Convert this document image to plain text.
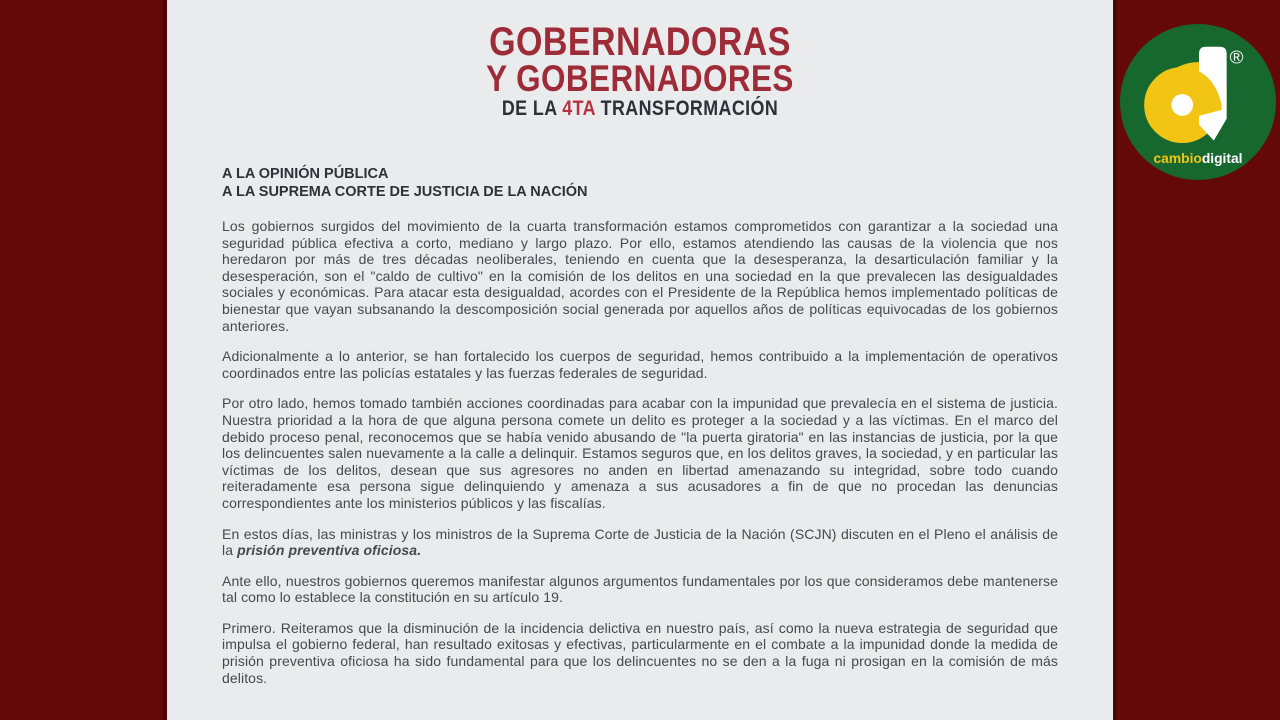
GOBERNADORAS
Y GOBERNADORES
DE LA 4TA TRANSFORMACIÓN
A LA OPINIÓN PÚBLICA
A LA SUPREMA CORTE DE JUSTICIA DE LA NACIÓN

Los gobiernos surgidos del movimiento de la cuarta transformación estamos comprometidos con garantizar a la sociedad una seguridad pública efectiva a corto, mediano y largo plazo. Por ello, estamos atendiendo las causas de la violencia que nos heredaron por más de tres décadas neoliberales, teniendo en cuenta que la desesperanza, la desarticulación familiar y la desesperación, son el "caldo de cultivo" en la comisión de los delitos en una sociedad en la que prevalecen las desigualdades sociales y económicas. Para atacar esta desigualdad, acordes con el Presidente de la República hemos implementado políticas de bienestar que vayan subsanando la descomposición social generada por aquellos años de políticas equivocadas de los gobiernos anteriores.

Adicionalmente a lo anterior, se han fortalecido los cuerpos de seguridad, hemos contribuido a la implementación de operativos coordinados entre las policías estatales y las fuerzas federales de seguridad.

Por otro lado, hemos tomado también acciones coordinadas para acabar con la impunidad que prevalecía en el sistema de justicia. Nuestra prioridad a la hora de que alguna persona comete un delito es proteger a la sociedad y a las víctimas. En el marco del debido proceso penal, reconocemos que se había venido abusando de "la puerta giratoria" en las instancias de justicia, por la que los delincuentes salen nuevamente a la calle a delinquir. Estamos seguros que, en los delitos graves, la sociedad, y en particular las víctimas de los delitos, desean que sus agresores no anden en libertad amenazando su integridad, sobre todo cuando reiteradamente esa persona sigue delinquiendo y amenaza a sus acusadores a fin de que no procedan las denuncias correspondientes ante los ministerios públicos y las fiscalías.

En estos días, las ministras y los ministros de la Suprema Corte de Justicia de la Nación (SCJN) discuten en el Pleno el análisis de la prisión preventiva oficiosa.

Ante ello, nuestros gobiernos queremos manifestar algunos argumentos fundamentales por los que consideramos debe mantenerse tal como lo establece la constitución en su artículo 19.

Primero. Reiteramos que la disminución de la incidencia delictiva en nuestro país, así como la nueva estrategia de seguridad que impulsa el gobierno federal, han resultado exitosas y efectivas, particularmente en el combate a la impunidad donde la medida de prisión preventiva oficiosa ha sido fundamental para que los delincuentes no se den a la fuga ni prosigan en la comisión de más delitos.

®
cambiodigital
